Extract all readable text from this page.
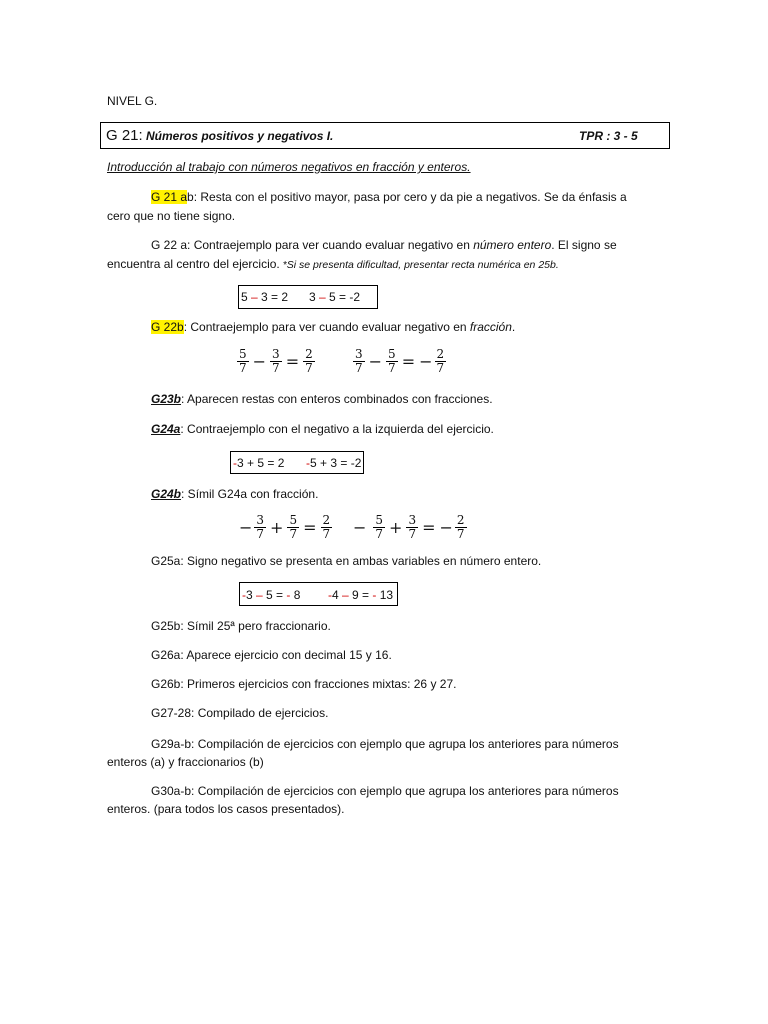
NIVEL G.
G 21: Números positivos y negativos I.	TPR : 3 - 5
Introducción al trabajo con números negativos en fracción y enteros.
G 21 ab: Resta con el positivo mayor, pasa por cero y da pie a negativos. Se da énfasis a cero que no tiene signo.
G 22 a: Contraejemplo para ver cuando evaluar negativo en número entero. El signo se encuentra al centro del ejercicio. *Si se presenta dificultad, presentar recta numérica en 25b.
5 – 3 = 2 3 – 5 = -2
G 22b: Contraejemplo para ver cuando evaluar negativo en fracción.
$\frac{5}{7} - \frac{3}{7} = \frac{2}{7}$	$\frac{3}{7} - \frac{5}{7}$ = − $\frac{2}{7}$
G23b: Aparecen restas con enteros combinados con fracciones.
G24a: Contraejemplo con el negativo a la izquierda del ejercicio.
-3 + 5 = 2 -5 + 3 = -2
G24b: Símil G24a con fracción.
− $\frac{3}{7} + \frac{5}{7} = \frac{2}{7} - \frac{5}{7} + \frac{3}{7}$ = − $\frac{2}{7}$
G25a: Signo negativo se presenta en ambas variables en número entero.
-3 – 5 = - 8 -4 – 9 = - 13
G25b: Símil 25ª pero fraccionario.
G26a: Aparece ejercicio con decimal 15 y 16.
G26b: Primeros ejercicios con fracciones mixtas: 26 y 27.
G27-28: Compilado de ejercicios.
G29a-b: Compilación de ejercicios con ejemplo que agrupa los anteriores para números enteros (a) y fraccionarios (b)
G30a-b: Compilación de ejercicios con ejemplo que agrupa los anteriores para números enteros. (para todos los casos presentados).
